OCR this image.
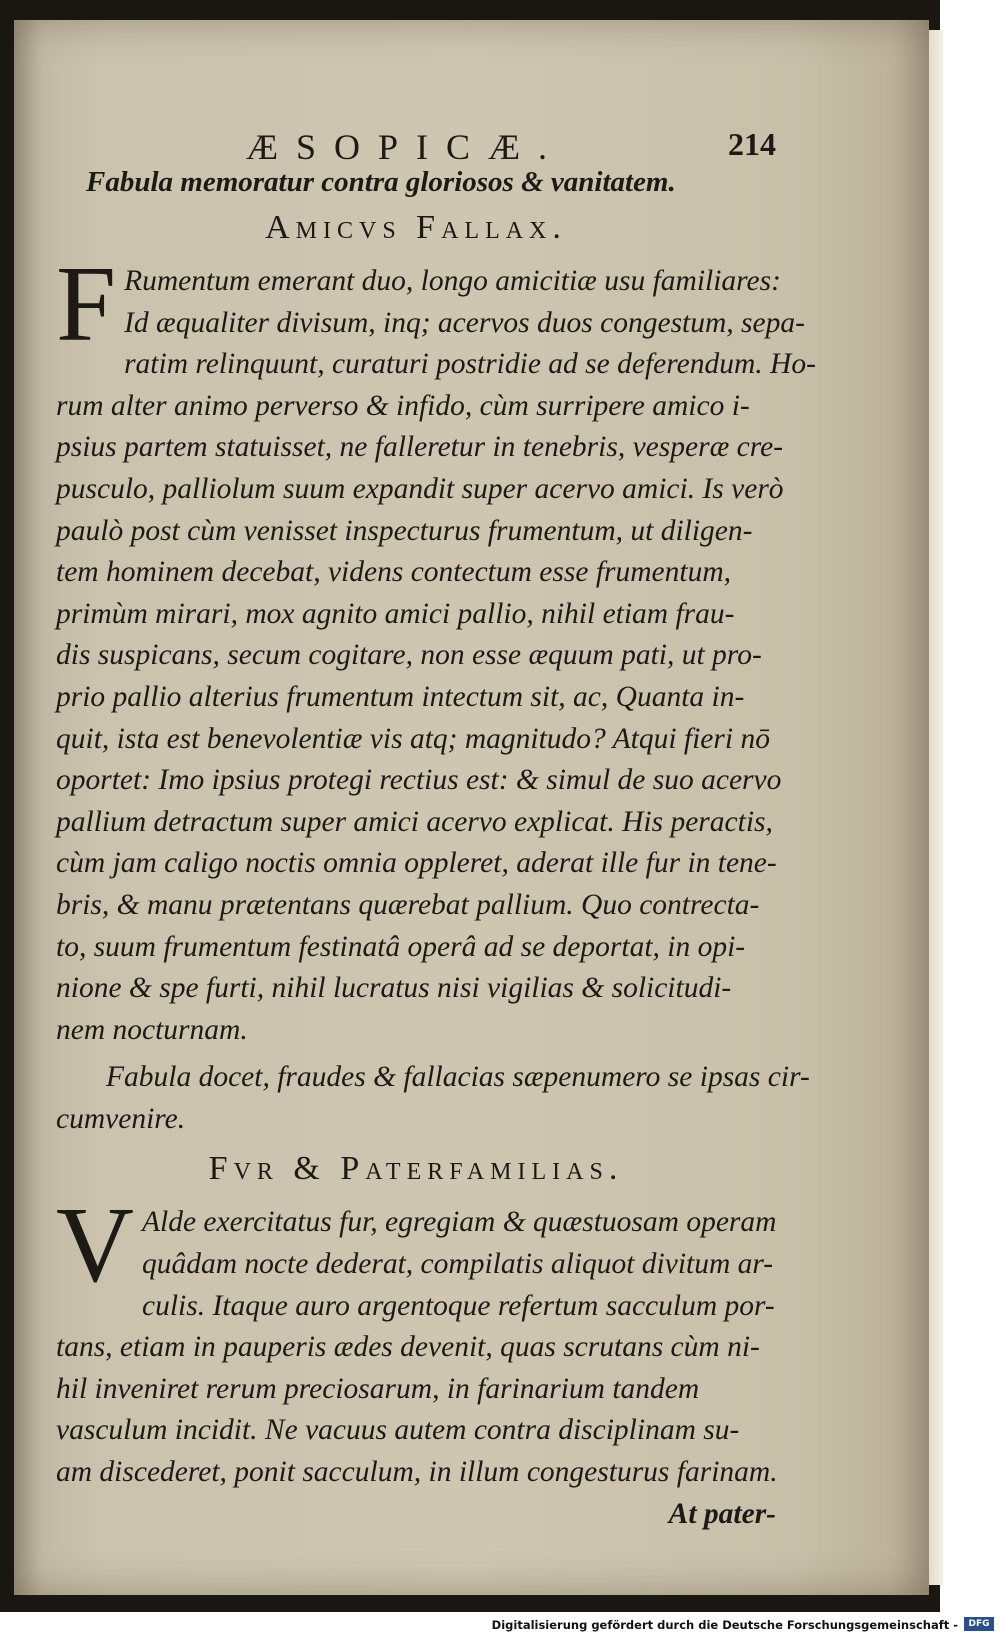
ÆSOPICÆ.	214
Fabula memoratur contra gloriosos & vanitatem.
Amicvs Fallax.
F Rumentum emerant duo, longo amicitiæ usu familiares:
Id æqualiter divisum, inq; acervos duos congestum, sepa-
ratim relinquunt, curaturi postridie ad se deferendum. Ho-
rum alter animo perverso & infido, cùm surripere amico i-
psius partem statuisset, ne falleretur in tenebris, vesperæ cre-
pusculo, palliolum suum expandit super acervo amici. Is verò
paulò post cùm venisset inspecturus frumentum, ut diligen-
tem hominem decebat, videns contectum esse frumentum,
primùm mirari, mox agnito amici pallio, nihil etiam frau-
dis suspicans, secum cogitare, non esse æquum pati, ut pro-
prio pallio alterius frumentum intectum sit, ac, Quanta in-
quit, ista est benevolentiæ vis atq; magnitudo? Atqui fieri nō
oportet: Imo ipsius protegi rectius est: & simul de suo acervo
pallium detractum super amici acervo explicat. His peractis,
cùm jam caligo noctis omnia oppleret, aderat ille fur in tene-
bris, & manu prætentans quærebat pallium. Quo contrecta-
to, suum frumentum festinatâ operâ ad se deportat, in opi-
nione & spe furti, nihil lucratus nisi vigilias & solicitudi-
nem nocturnam.
Fabula docet, fraudes & fallacias sæpenumero se ipsas cir-
cumvenire.
Fvr & Paterfamilias.
V Alde exercitatus fur, egregiam & quæstuosam operam
quâdam nocte dederat, compilatis aliquot divitum ar-
culis. Itaque auro argentoque refertum sacculum por-
tans, etiam in pauperis ædes devenit, quas scrutans cùm ni-
hil inveniret rerum preciosarum, in farinarium tandem
vasculum incidit. Ne vacuus autem contra disciplinam su-
am discederet, ponit sacculum, in illum congesturus farinam.
At pater-
Digitalisierung gefördert durch die Deutsche Forschungsgemeinschaft -	DFG
